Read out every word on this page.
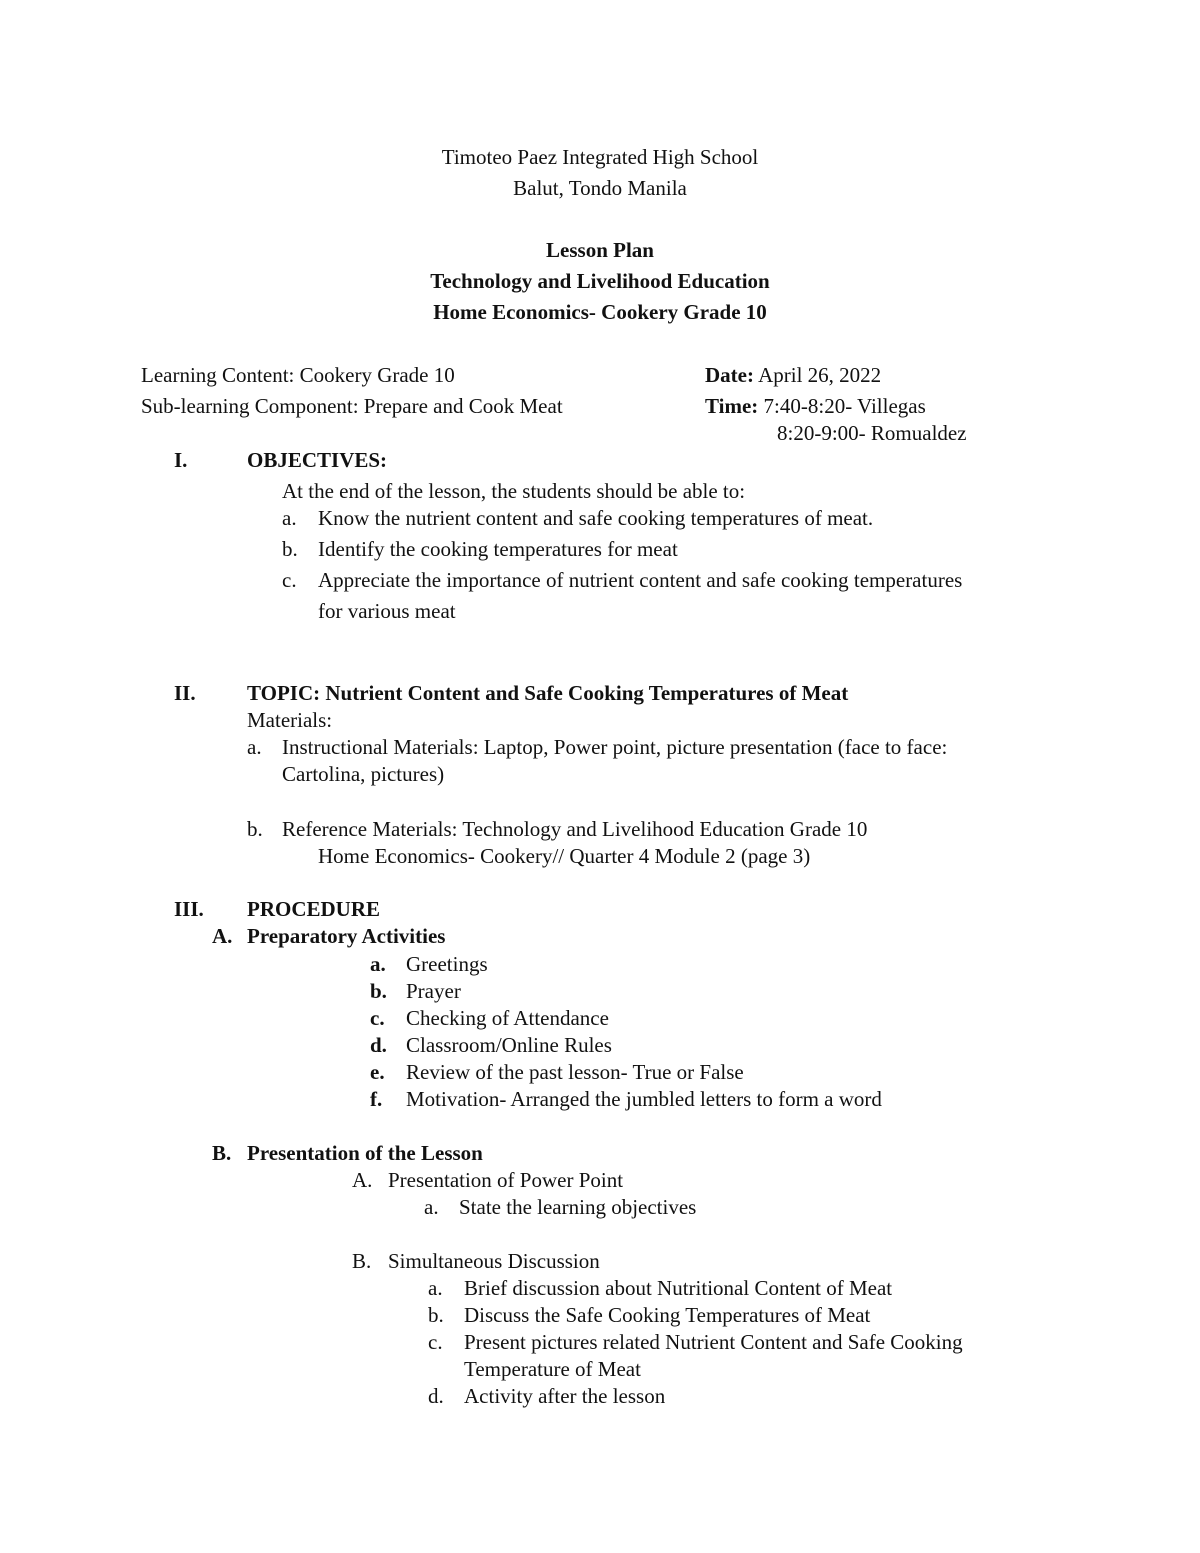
Timoteo Paez Integrated High School
Balut, Tondo Manila
Lesson Plan
Technology and Livelihood Education
Home Economics- Cookery Grade 10
Learning Content: Cookery Grade 10
Sub-learning Component: Prepare and Cook Meat
Date: April 26, 2022
Time: 7:40-8:20- Villegas
8:20-9:00- Romualdez
I.	OBJECTIVES:
At the end of the lesson, the students should be able to:
a. Know the nutrient content and safe cooking temperatures of meat.
b. Identify the cooking temperatures for meat
c. Appreciate the importance of nutrient content and safe cooking temperatures
for various meat
II. TOPIC: Nutrient Content and Safe Cooking Temperatures of Meat
Materials:
a. Instructional Materials: Laptop, Power point, picture presentation (face to face:
Cartolina, pictures)
b. Reference Materials: Technology and Livelihood Education Grade 10
Home Economics- Cookery// Quarter 4 Module 2 (page 3)
III. PROCEDURE
A. Preparatory Activities
a. Greetings
b. Prayer
c. Checking of Attendance
d. Classroom/Online Rules
e. Review of the past lesson- True or False
f. Motivation- Arranged the jumbled letters to form a word
B. Presentation of the Lesson
A. Presentation of Power Point
a. State the learning objectives
B. Simultaneous Discussion
a. Brief discussion about Nutritional Content of Meat
b. Discuss the Safe Cooking Temperatures of Meat
c. Present pictures related Nutrient Content and Safe Cooking
Temperature of Meat
d. Activity after the lesson
